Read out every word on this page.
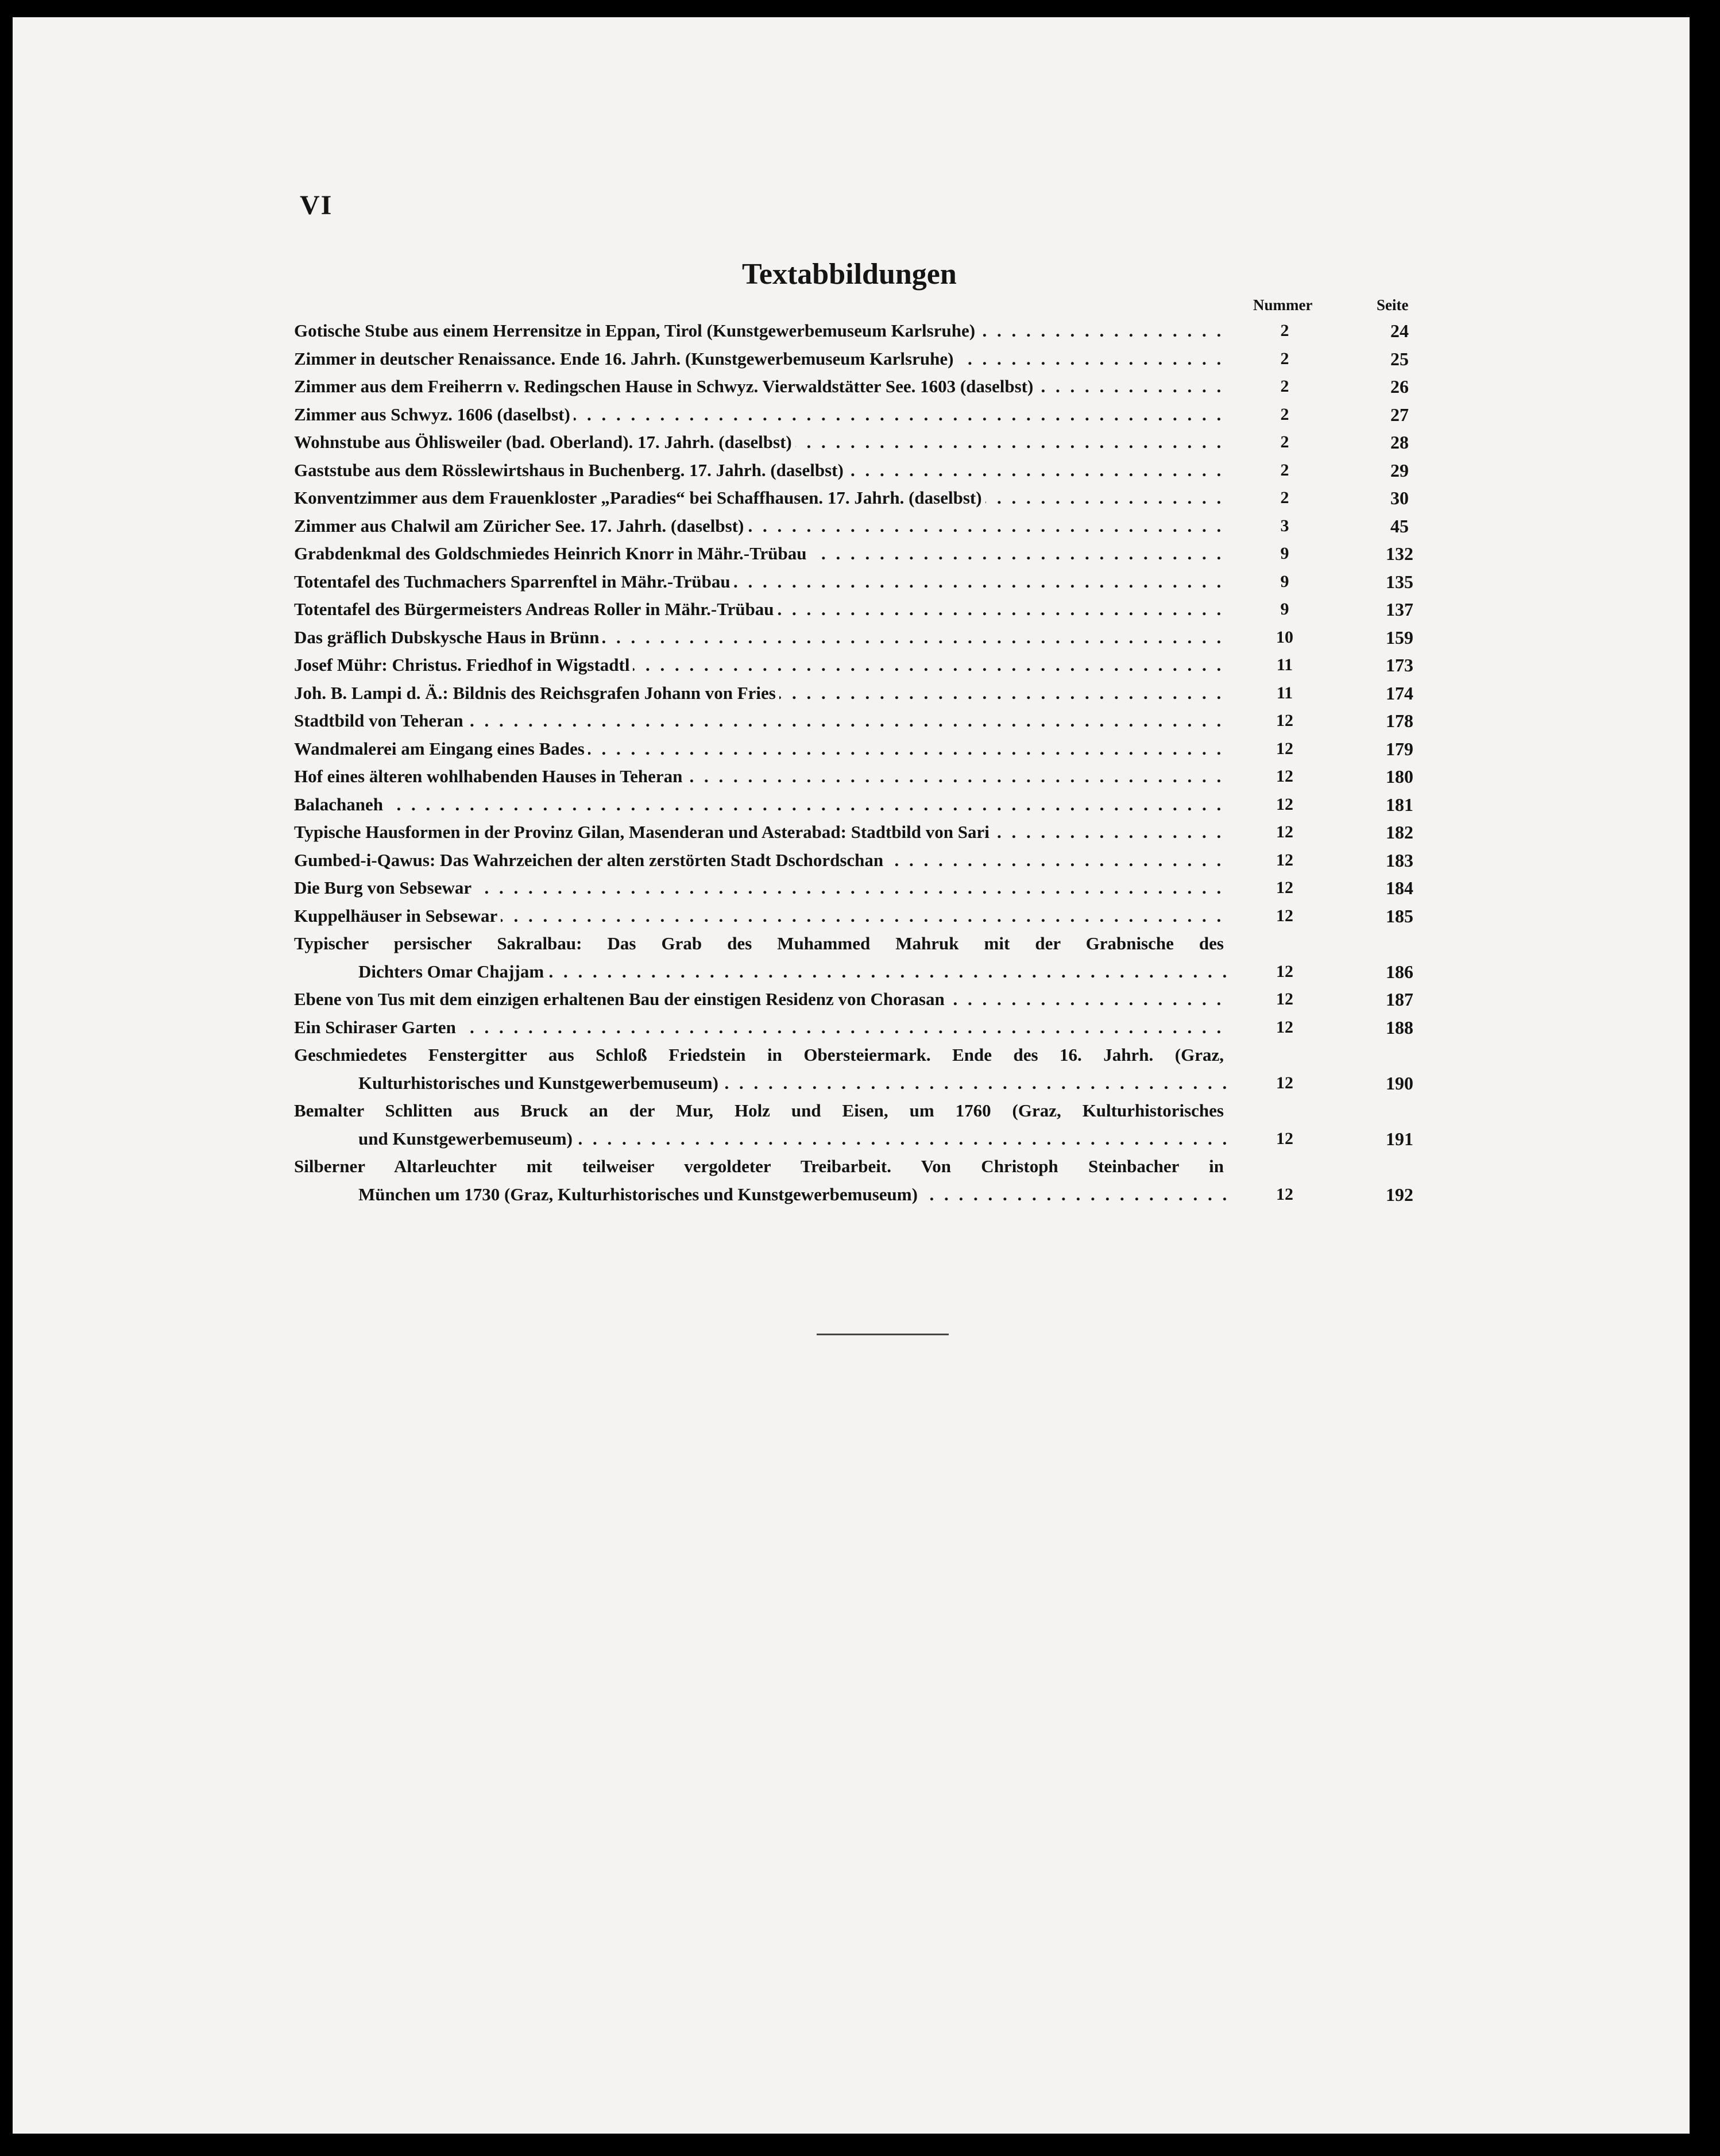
VI
Textabbildungen
Nummer	Seite
Gotische Stube aus einem Herrensitze in Eppan, Tirol (Kunstgewerbemuseum Karlsruhe) . . .	2	24
Zimmer in deutscher Renaissance. Ende 16. Jahrh. (Kunstgewerbemuseum Karlsruhe) . . .	2	25
Zimmer aus dem Freiherrn v. Redingschen Hause in Schwyz. Vierwaldstätter See. 1603 (daselbst) . . .	2	26
Zimmer aus Schwyz. 1606 (daselbst) . . .	2	27
Wohnstube aus Öhlisweiler (bad. Oberland). 17. Jahrh. (daselbst) . . .	2	28
Gaststube aus dem Rösslewirtshaus in Buchenberg. 17. Jahrh. (daselbst) . . .	2	29
Konventzimmer aus dem Frauenkloster „Paradies“ bei Schaffhausen. 17. Jahrh. (daselbst) . . .	2	30
Zimmer aus Chalwil am Züricher See. 17. Jahrh. (daselbst) . . .	3	45
Grabdenkmal des Goldschmiedes Heinrich Knorr in Mähr.-Trübau . . .	9	132
Totentafel des Tuchmachers Sparrenftel in Mähr.-Trübau . . .	9	135
Totentafel des Bürgermeisters Andreas Roller in Mähr.-Trübau . . .	9	137
Das gräflich Dubskysche Haus in Brünn . . .	10	159
Josef Mühr: Christus. Friedhof in Wigstadtl . . .	11	173
Joh. B. Lampi d. Ä.: Bildnis des Reichsgrafen Johann von Fries . . .	11	174
Stadtbild von Teheran . . .	12	178
Wandmalerei am Eingang eines Bades . . .	12	179
Hof eines älteren wohlhabenden Hauses in Teheran . . .	12	180
Balachaneh . . .	12	181
Typische Hausformen in der Provinz Gilan, Masenderan und Asterabad: Stadtbild von Sari . . .	12	182
Gumbed-i-Qawus: Das Wahrzeichen der alten zerstörten Stadt Dschordschan . . .	12	183
Die Burg von Sebsewar . . .	12	184
Kuppelhäuser in Sebsewar . . .	12	185
Typischer persischer Sakralbau: Das Grab des Muhammed Mahruk mit der Grabnische des
Dichters Omar Chajjam . . .	12	186
Ebene von Tus mit dem einzigen erhaltenen Bau der einstigen Residenz von Chorasan . . .	12	187
Ein Schiraser Garten . . .	12	188
Geschmiedetes Fenstergitter aus Schloß Friedstein in Obersteiermark. Ende des 16. Jahrh. (Graz,
Kulturhistorisches und Kunstgewerbemuseum) . . .	12	190
Bemalter Schlitten aus Bruck an der Mur, Holz und Eisen, um 1760 (Graz, Kulturhistorisches
und Kunstgewerbemuseum) . . .	12	191
Silberner Altarleuchter mit teilweiser vergoldeter Treibarbeit. Von Christoph Steinbacher in
München um 1730 (Graz, Kulturhistorisches und Kunstgewerbemuseum) . . .	12	192
